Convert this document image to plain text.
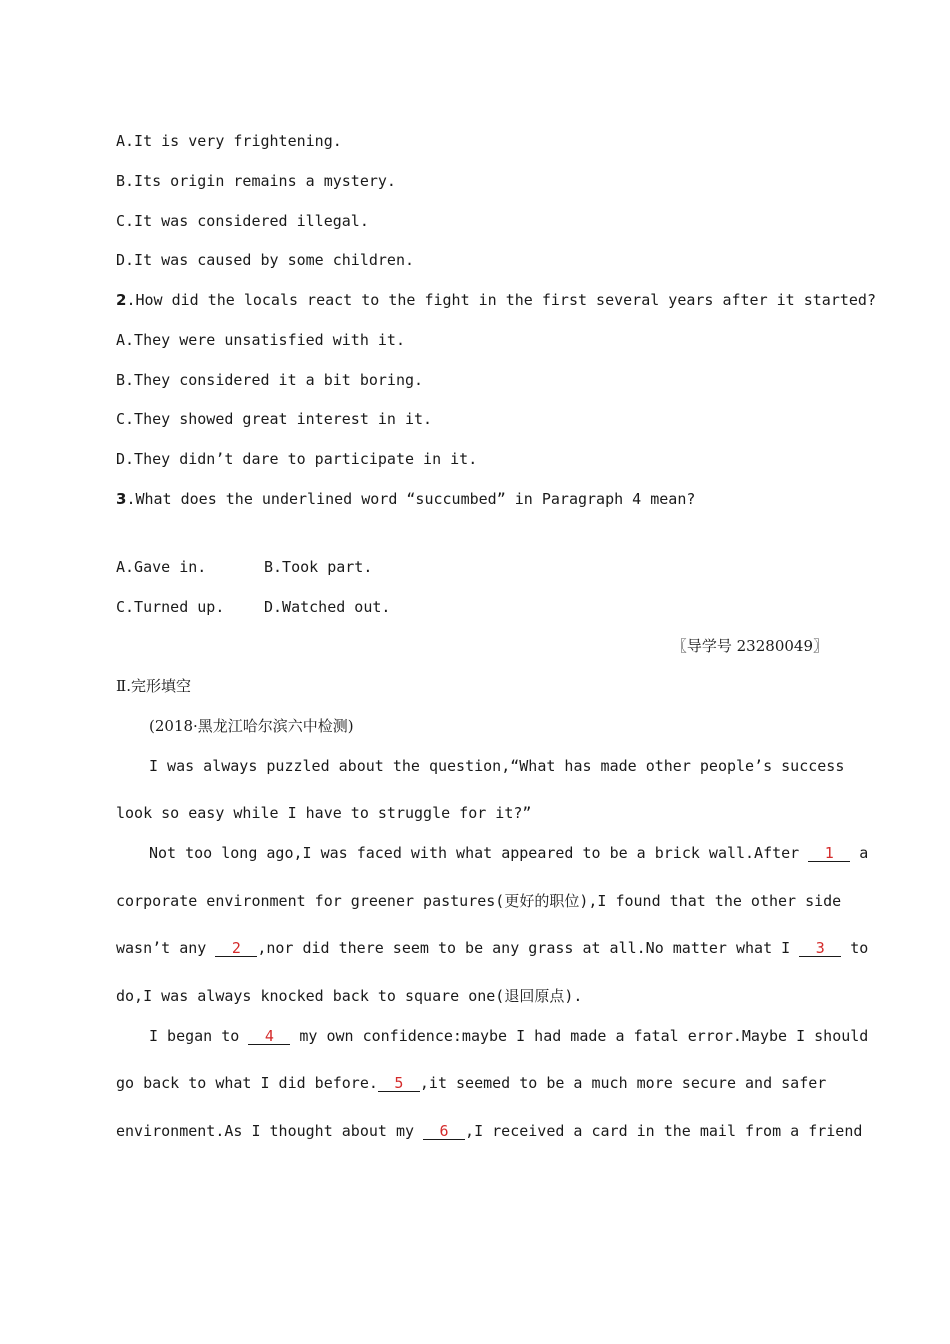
A.It is very frightening.

B.Its origin remains a mystery.

C.It was considered illegal.

D.It was caused by some children.

2.How did the locals react to the fight in the first several years after it started?

A.They were unsatisfied with it.

B.They considered it a bit boring.

C.They showed great interest in it.

D.They didn’t dare to participate in it.

3.What does the underlined word “succumbed” in Paragraph 4 mean?

A.Gave in.	B.Took part.

C.Turned up.	D.Watched out.

〖导学号 23280049〗

Ⅱ.完形填空

(2018·黑龙江哈尔滨六中检测)

I was always puzzled about the question,“What has made other people’s success

look so easy while I have to struggle for it?”

Not too long ago,I was faced with what appeared to be a brick wall.After 1 a

corporate environment for greener pastures(更好的职位),I found that the other side

wasn’t any 2 ,nor did there seem to be any grass at all.No matter what I 3 to

do,I was always knocked back to square one(退回原点).

I began to 4 my own confidence:maybe I had made a fatal error.Maybe I should

go back to what I did before. 5 ,it seemed to be a much more secure and safer

environment.As I thought about my 6 ,I received a card in the mail from a friend
